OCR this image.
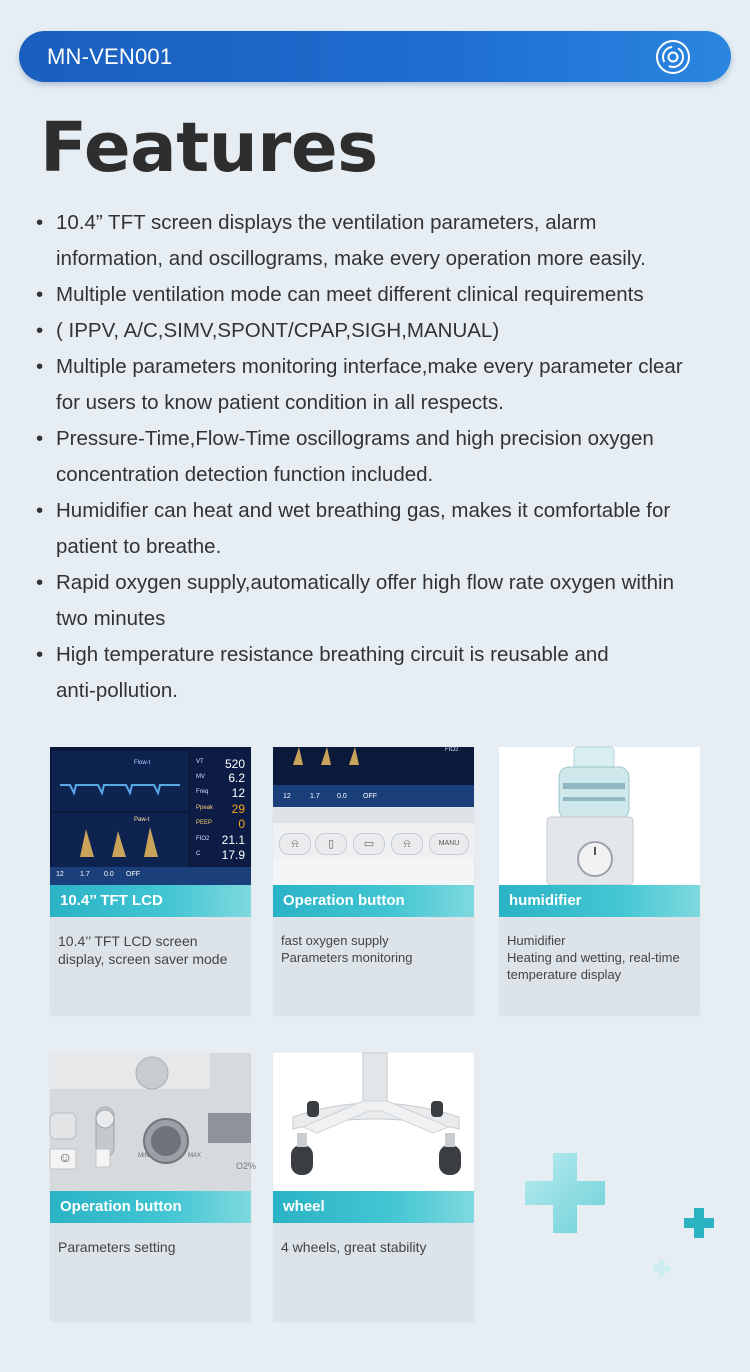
MN-VEN001
Features
• 10.4” TFT screen displays the ventilation parameters, alarm
information, and oscillograms, make every operation more easily.
• Multiple ventilation mode can meet different clinical requirements
• ( IPPV, A/C,SIMV,SPONT/CPAP,SIGH,MANUAL)
• Multiple parameters monitoring interface,make every parameter clear
for users to know patient condition in all respects.
• Pressure-Time,Flow-Time oscillograms and high precision oxygen
concentration detection function included.
• Humidifier can heat and wet breathing gas, makes it comfortable for
patient to breathe.
• Rapid oxygen supply,automatically offer high flow rate oxygen within
two minutes
• High temperature resistance breathing circuit is reusable and
anti-pollution.
Flow-t
Paw-t
VT 520
MV 6.2
Freq 12
Ppeak 29
PEEP 0
FIO2 21.1
C 17.9
12 1.7 0.0 OFF
10.4’’ TFT LCD
10.4’’ TFT LCD screen
display, screen saver mode
FIO2
12	1.7 0.0 OFF
⍾	▯	▭	⍾	MANU
Operation button
fast oxygen supply
Parameters monitoring
humidifier
Humidifier
Heating and wetting, real-time
temperature display
☺	MIN	MAX
O2%
Operation button
Parameters setting
wheel
4 wheels, great stability
